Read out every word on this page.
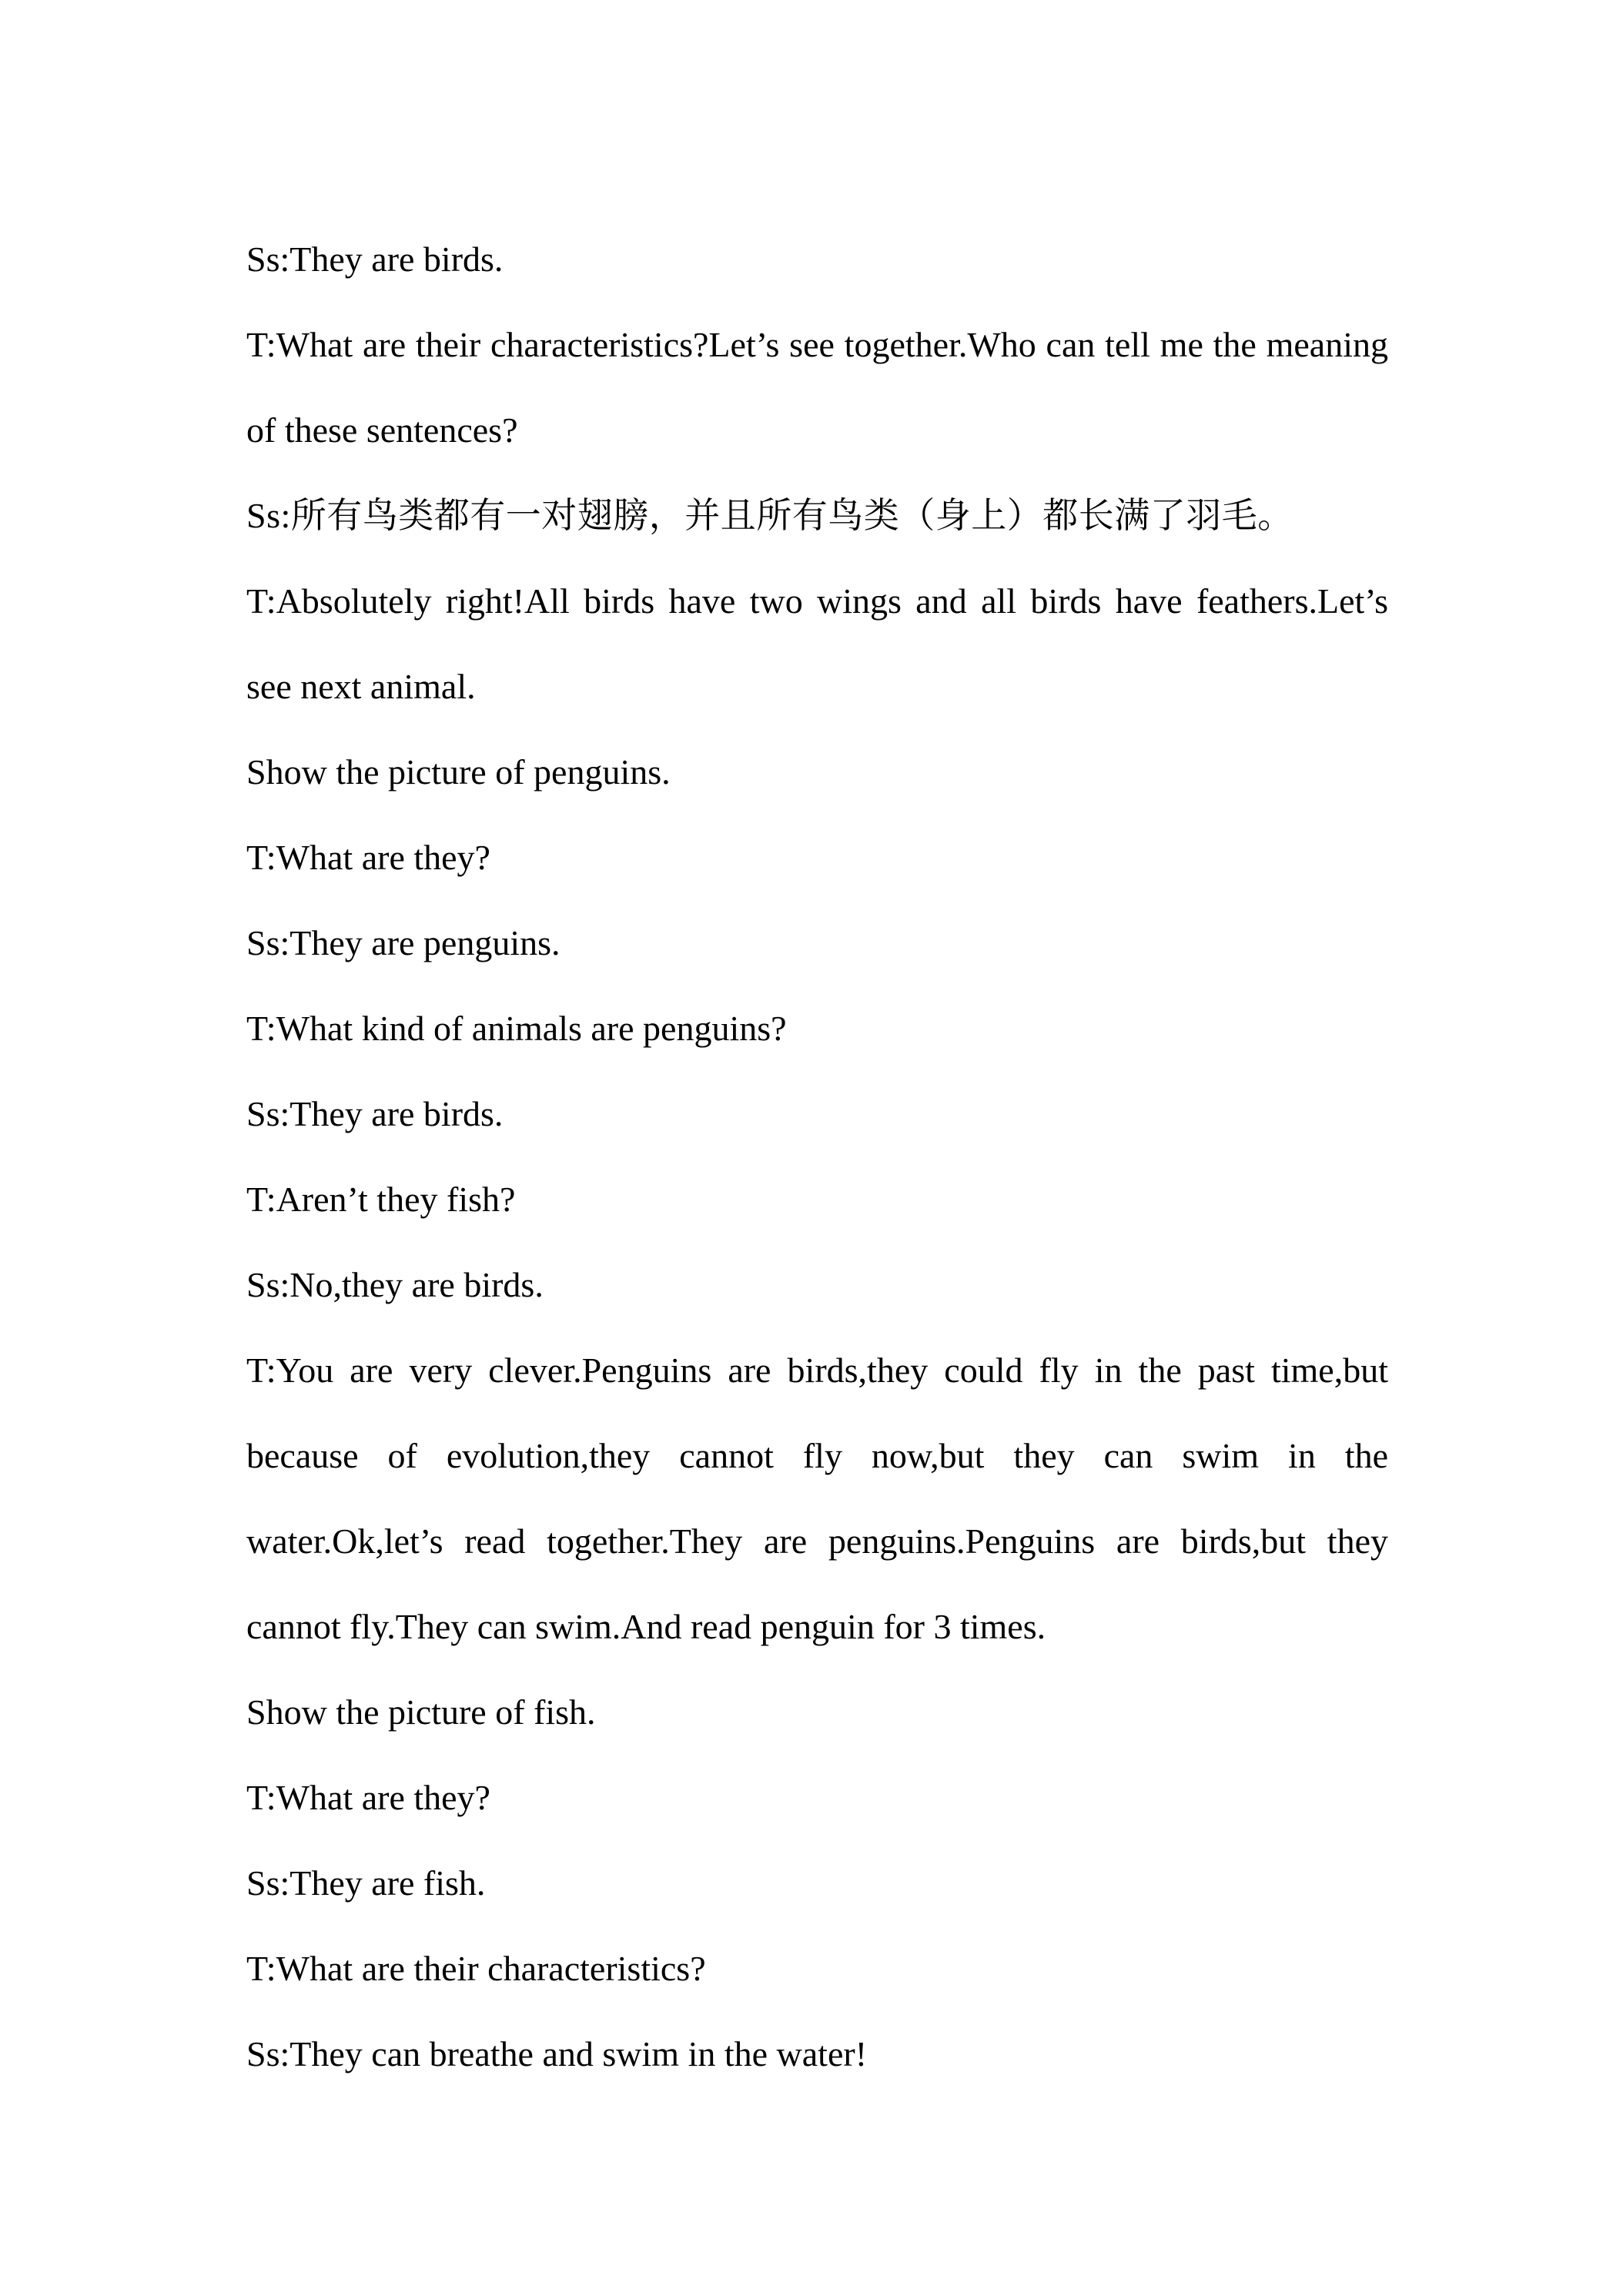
Ss:They are birds.

T:What are their characteristics?Let’s see together.Who can tell me the meaning of these sentences?

Ss:所有鸟类都有一对翅膀，并且所有鸟类（身上）都长满了羽毛。

T:Absolutely right!All birds have two wings and all birds have feathers.Let’s see next animal.

Show the picture of penguins.

T:What are they?

Ss:They are penguins.

T:What kind of animals are penguins?

Ss:They are birds.

T:Aren’t they fish?

Ss:No,they are birds.

T:You are very clever.Penguins are birds,they could fly in the past time,but because of evolution,they cannot fly now,but they can swim in the water.Ok,let’s read together.They are penguins.Penguins are birds,but they cannot fly.They can swim.And read penguin for 3 times.

Show the picture of fish.

T:What are they?

Ss:They are fish.

T:What are their characteristics?

Ss:They can breathe and swim in the water!
